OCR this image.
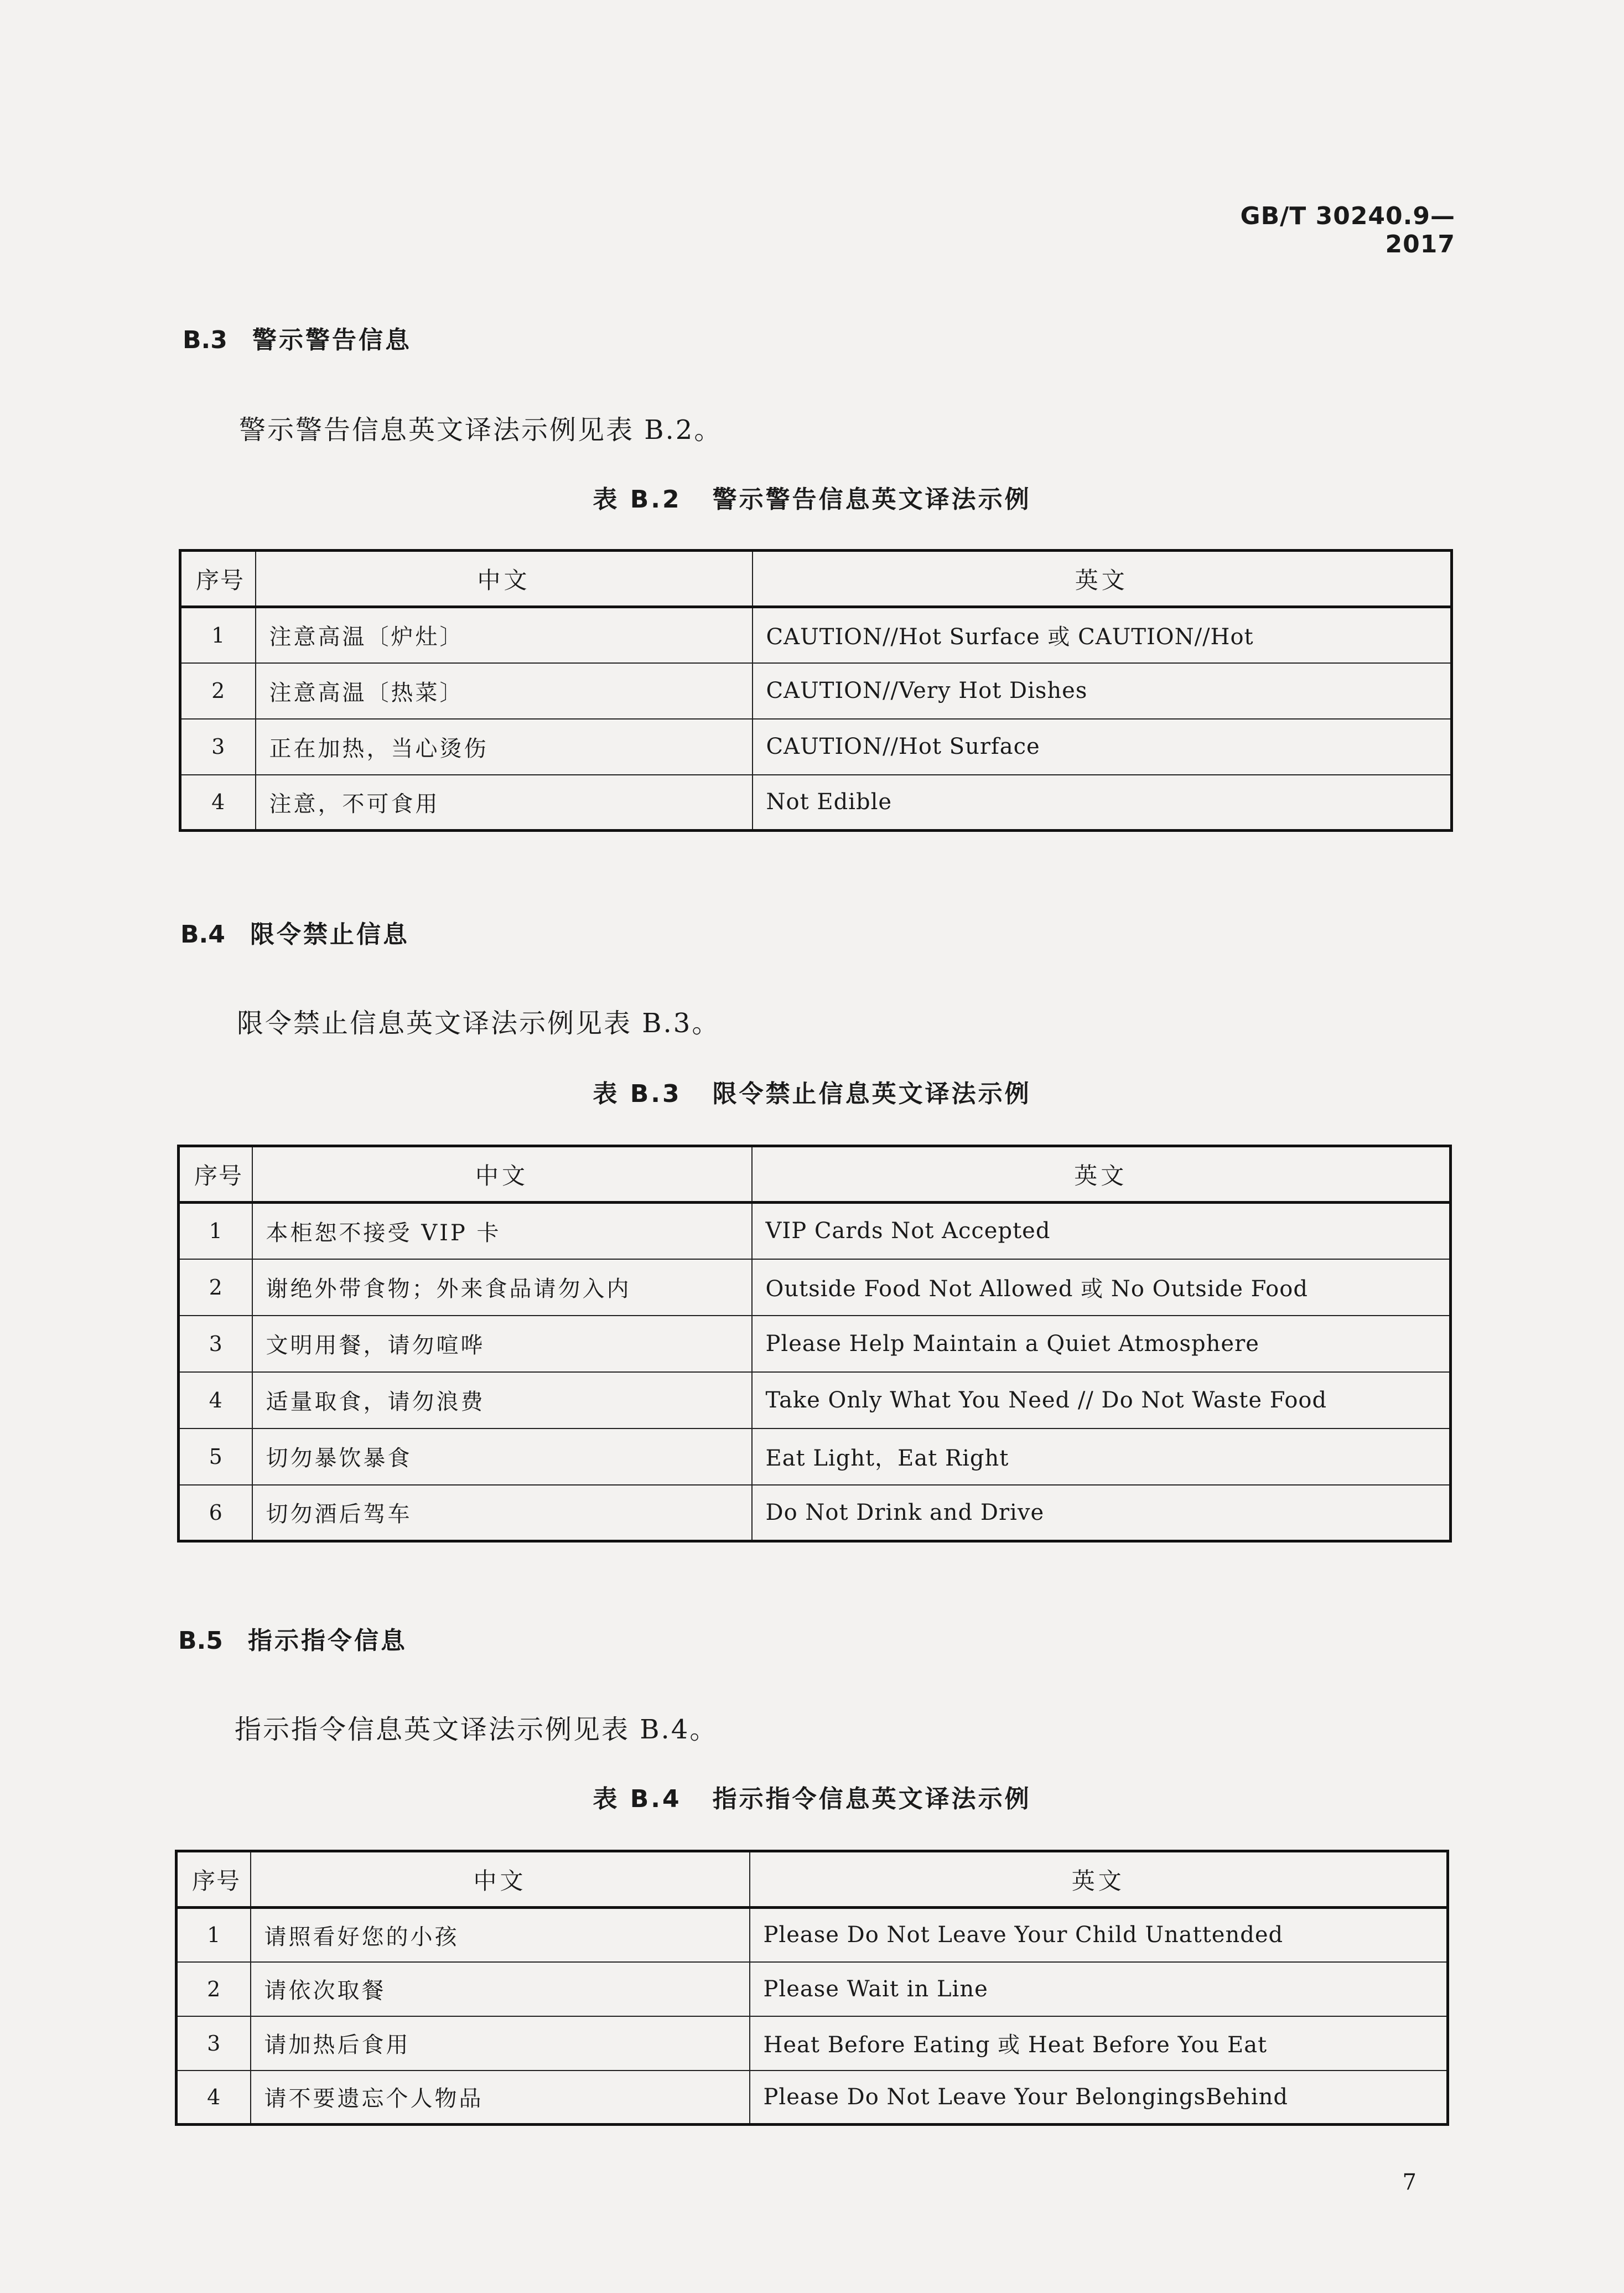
GB/T 30240.9—2017
B.3 警示警告信息

警示警告信息英文译法示例见表 B.2。

表 B.2 警示警告信息英文译法示例

序号	中文	英文
1	注意高温〔炉灶〕	CAUTION//Hot Surface 或 CAUTION//Hot
2	注意高温〔热菜〕	CAUTION//Very Hot Dishes
3	正在加热，当心烫伤	CAUTION//Hot Surface
4	注意，不可食用	Not Edible
B.4 限令禁止信息

限令禁止信息英文译法示例见表 B.3。

表 B.3 限令禁止信息英文译法示例

序号	中文	英文
1	本柜恕不接受 VIP 卡	VIP Cards Not Accepted
2	谢绝外带食物；外来食品请勿入内	Outside Food Not Allowed 或 No Outside Food
3	文明用餐，请勿喧哗	Please Help Maintain a Quiet Atmosphere
4	适量取食，请勿浪费	Take Only What You Need // Do Not Waste Food
5	切勿暴饮暴食	Eat Light，Eat Right
6	切勿酒后驾车	Do Not Drink and Drive
B.5 指示指令信息

指示指令信息英文译法示例见表 B.4。

表 B.4 指示指令信息英文译法示例

序号	中文	英文
1	请照看好您的小孩	Please Do Not Leave Your Child Unattended
2	请依次取餐	Please Wait in Line
3	请加热后食用	Heat Before Eating 或 Heat Before You Eat
4	请不要遗忘个人物品	Please Do Not Leave Your BelongingsBehind
7
